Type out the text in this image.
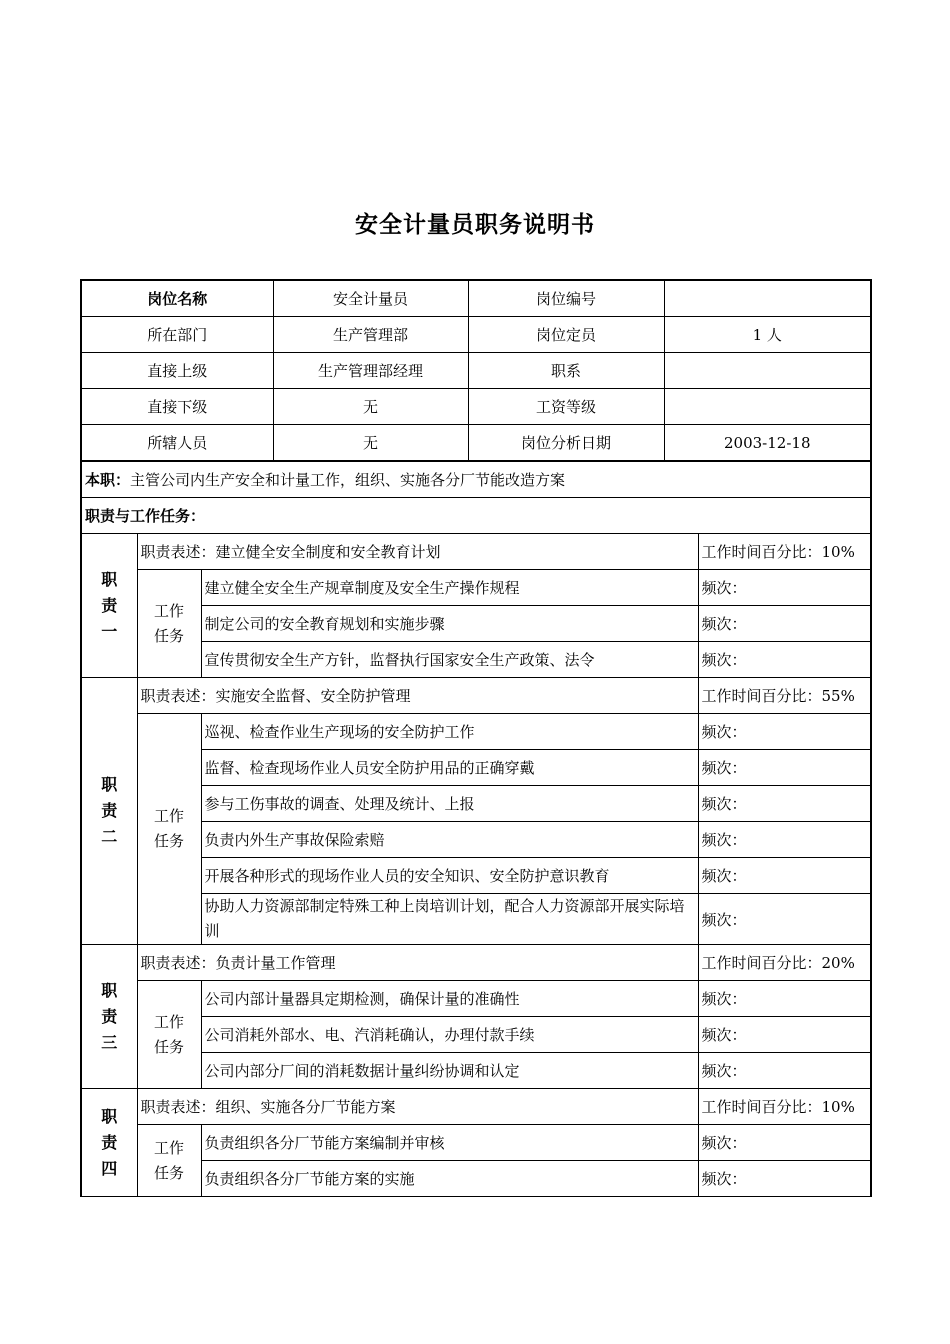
安全计量员职务说明书
岗位名称	安全计量员	岗位编号	
所在部门	生产管理部	岗位定员	1 人
直接上级	生产管理部经理	职系	
直接下级	无	工资等级	
所辖人员	无	岗位分析日期	2003-12-18
本职：主管公司内生产安全和计量工作，组织、实施各分厂节能改造方案			
职责与工作任务：			
职
责
一	职责表述：建立健全安全制度和安全教育计划		工作时间百分比：10%

	工作
任务	建立健全安全生产规章制度及安全生产操作规程	频次：
		制定公司的安全教育规划和实施步骤	频次：
		宣传贯彻安全生产方针，监督执行国家安全生产政策、法令	频次：

职
责
二	职责表述：实施安全监督、安全防护管理		工作时间百分比：55%

	工作
任务	巡视、检查作业生产现场的安全防护工作	频次：
		监督、检查现场作业人员安全防护用品的正确穿戴	频次：
		参与工伤事故的调查、处理及统计、上报	频次：
		负责内外生产事故保险索赔	频次：
		开展各种形式的现场作业人员的安全知识、安全防护意识教育	频次：
		协助人力资源部制定特殊工种上岗培训计划，配合人力资源部开展实际培训	频次：

职
责
三	职责表述：负责计量工作管理		工作时间百分比：20%

	工作
任务	公司内部计量器具定期检测，确保计量的准确性	频次：
		公司消耗外部水、电、汽消耗确认，办理付款手续	频次：
		公司内部分厂间的消耗数据计量纠纷协调和认定	频次：

职
责
四	职责表述：组织、实施各分厂节能方案		工作时间百分比：10%

	工作
任务	负责组织各分厂节能方案编制并审核	频次：
		负责组织各分厂节能方案的实施	频次：
